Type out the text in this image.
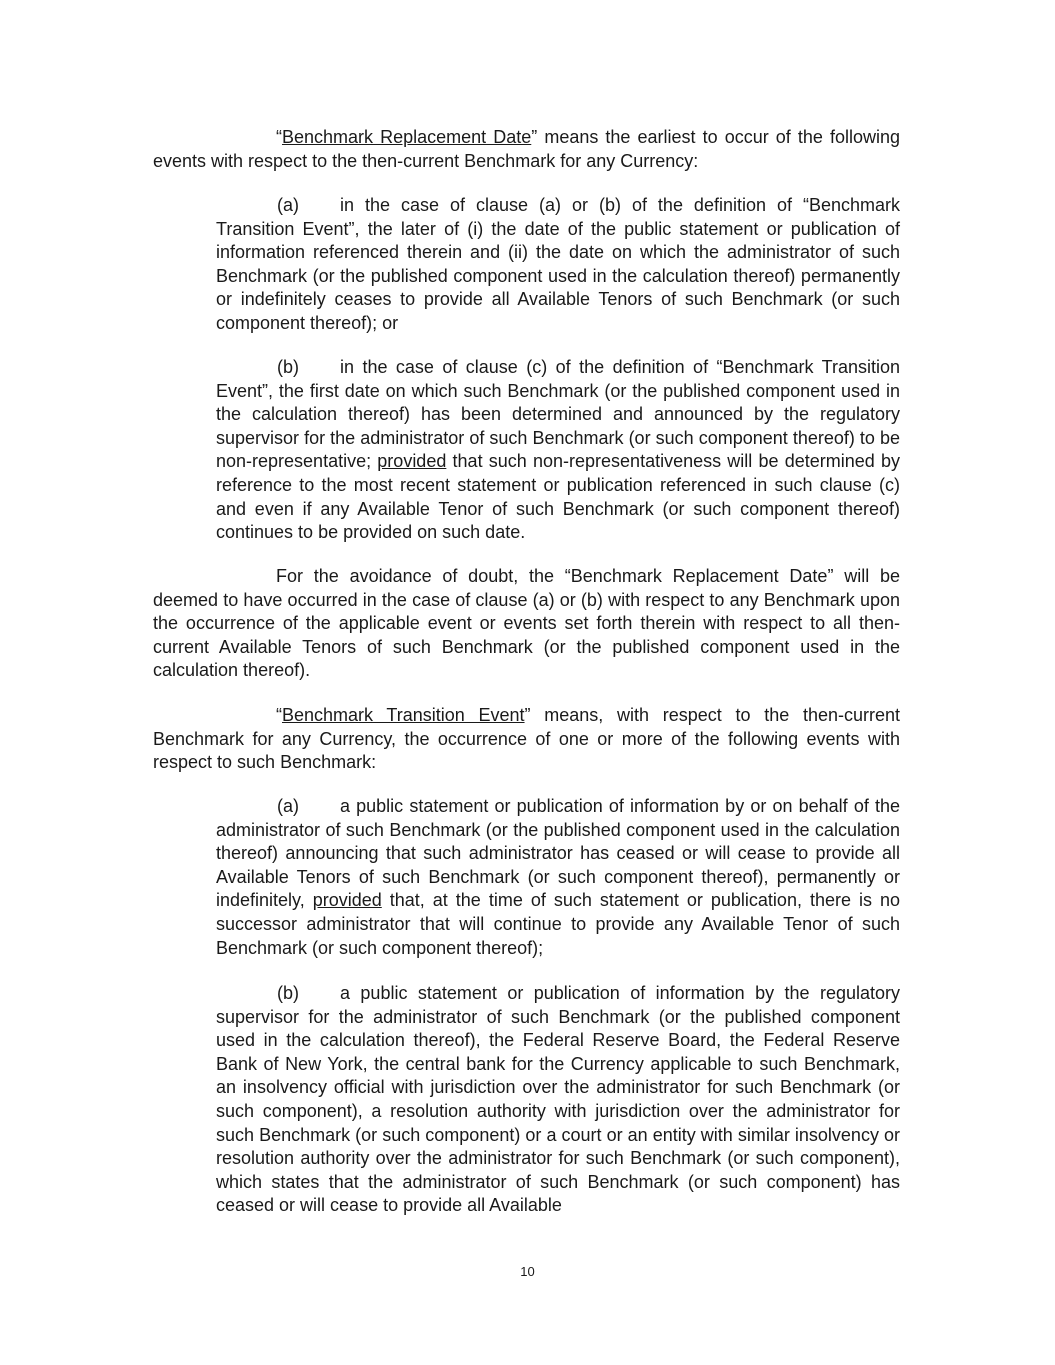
“Benchmark Replacement Date” means the earliest to occur of the following events with respect to the then-current Benchmark for any Currency:

(a) in the case of clause (a) or (b) of the definition of “Benchmark Transition Event”, the later of (i) the date of the public statement or publication of information referenced therein and (ii) the date on which the administrator of such Benchmark (or the published component used in the calculation thereof) permanently or indefinitely ceases to provide all Available Tenors of such Benchmark (or such component thereof); or

(b) in the case of clause (c) of the definition of “Benchmark Transition Event”, the first date on which such Benchmark (or the published component used in the calculation thereof) has been determined and announced by the regulatory supervisor for the administrator of such Benchmark (or such component thereof) to be non-representative; provided that such non-representativeness will be determined by reference to the most recent statement or publication referenced in such clause (c) and even if any Available Tenor of such Benchmark (or such component thereof) continues to be provided on such date.

For the avoidance of doubt, the “Benchmark Replacement Date” will be deemed to have occurred in the case of clause (a) or (b) with respect to any Benchmark upon the occurrence of the applicable event or events set forth therein with respect to all then-current Available Tenors of such Benchmark (or the published component used in the calculation thereof).

“Benchmark Transition Event” means, with respect to the then-current Benchmark for any Currency, the occurrence of one or more of the following events with respect to such Benchmark:

(a) a public statement or publication of information by or on behalf of the administrator of such Benchmark (or the published component used in the calculation thereof) announcing that such administrator has ceased or will cease to provide all Available Tenors of such Benchmark (or such component thereof), permanently or indefinitely, provided that, at the time of such statement or publication, there is no successor administrator that will continue to provide any Available Tenor of such Benchmark (or such component thereof);

(b) a public statement or publication of information by the regulatory supervisor for the administrator of such Benchmark (or the published component used in the calculation thereof), the Federal Reserve Board, the Federal Reserve Bank of New York, the central bank for the Currency applicable to such Benchmark, an insolvency official with jurisdiction over the administrator for such Benchmark (or such component), a resolution authority with jurisdiction over the administrator for such Benchmark (or such component) or a court or an entity with similar insolvency or resolution authority over the administrator for such Benchmark (or such component), which states that the administrator of such Benchmark (or such component) has ceased or will cease to provide all Available

10
